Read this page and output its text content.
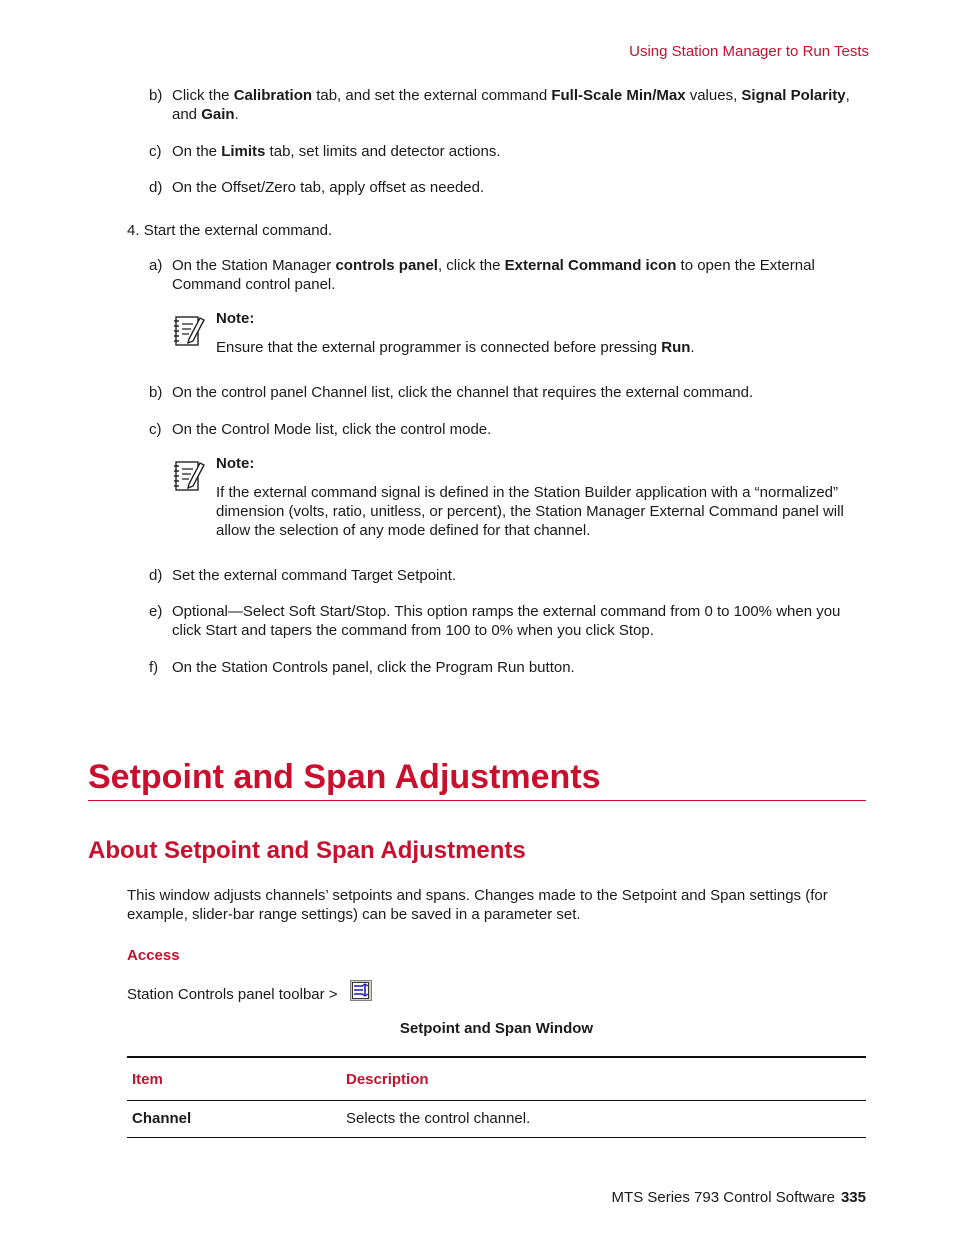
Using Station Manager to Run Tests
b) Click the Calibration tab, and set the external command Full-Scale Min/Max values, Signal Polarity,
and Gain.
c) On the Limits tab, set limits and detector actions.
d) On the Offset/Zero tab, apply offset as needed.
4. Start the external command.
a) On the Station Manager controls panel, click the External Command icon to open the External
Command control panel.
Note:
Ensure that the external programmer is connected before pressing Run.
b) On the control panel Channel list, click the channel that requires the external command.
c) On the Control Mode list, click the control mode.
Note:
If the external command signal is defined in the Station Builder application with a “normalized”
dimension (volts, ratio, unitless, or percent), the Station Manager External Command panel will
allow the selection of any mode defined for that channel.
d) Set the external command Target Setpoint.
e) Optional—Select Soft Start/Stop. This option ramps the external command from 0 to 100% when you
click Start and tapers the command from 100 to 0% when you click Stop.
f) On the Station Controls panel, click the Program Run button.
Setpoint and Span Adjustments
About Setpoint and Span Adjustments
This window adjusts channels’ setpoints and spans. Changes made to the Setpoint and Span settings (for
example, slider-bar range settings) can be saved in a parameter set.
Access
Station Controls panel toolbar >
Setpoint and Span Window
Item	Description
Channel	Selects the control channel.
MTS Series 793 Control Software 335
